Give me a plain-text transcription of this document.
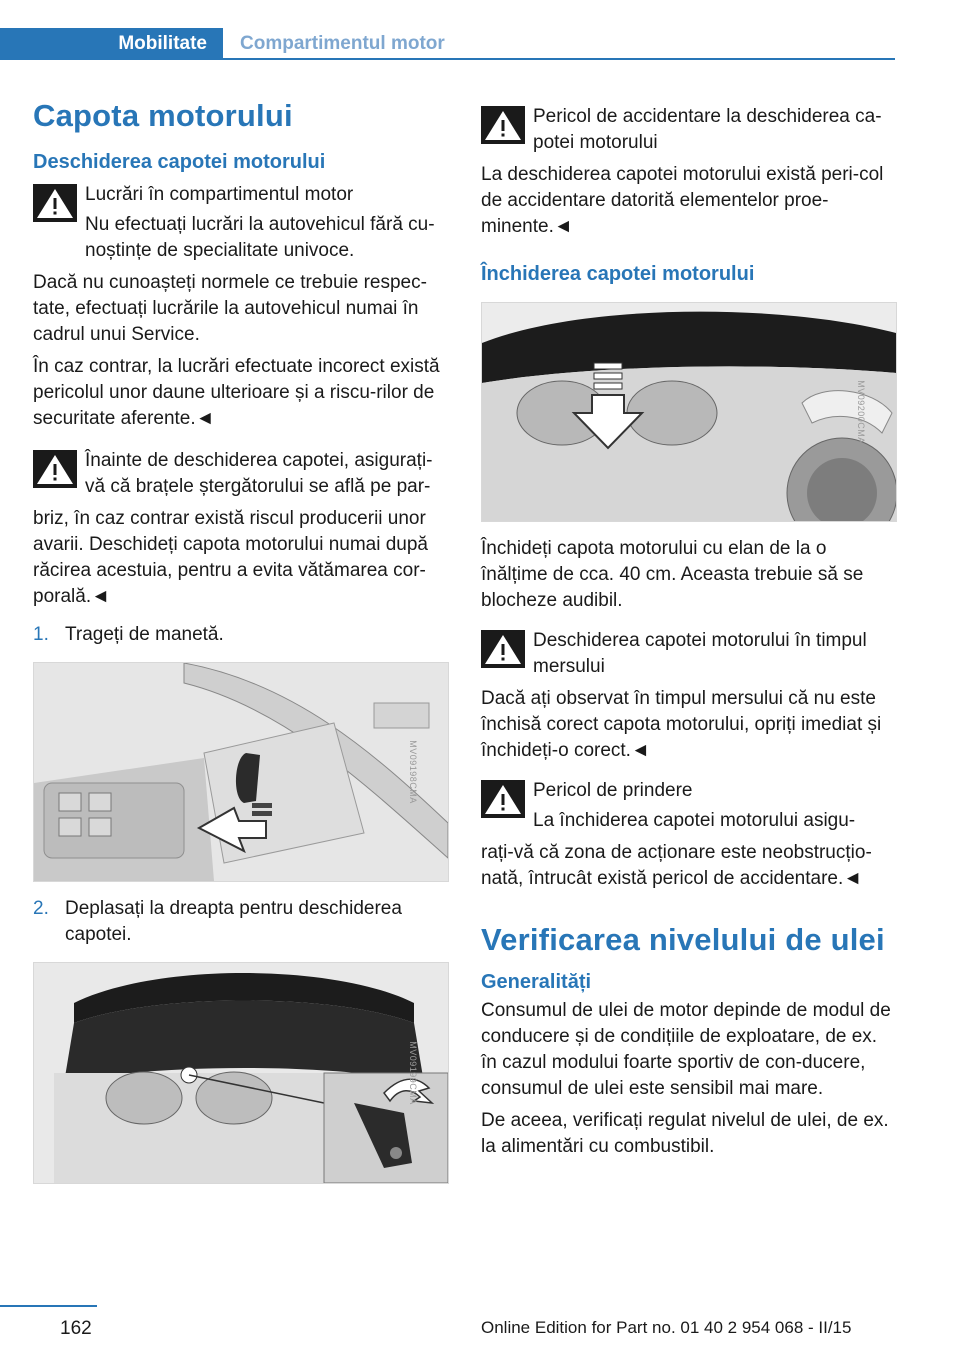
Mobilitate	Compartimentul motor
Capota motorului
Deschiderea capotei motorului

Lucrări în compartimentul motor

Nu efectuați lucrări la autovehicul fără cu-noștințe de specialitate univoce.

Dacă nu cunoașteți normele ce trebuie respec-tate, efectuați lucrările la autovehicul numai în cadrul unui Service.

În caz contrar, la lucrări efectuate incorect există pericolul unor daune ulterioare și a riscu-rilor de securitate aferente.◄

Înainte de deschiderea capotei, asigurați-vă că brațele ștergătorului se află pe par-

briz, în caz contrar există riscul producerii unor avarii. Deschideți capota motorului numai după răcirea acestuia, pentru a evita vătămarea cor-porală.◄

1. Trageți de manetă.
MV09198CMA
2. Deplasați la dreapta pentru deschiderea capotei.
MV09199CMA

Pericol de accidentare la deschiderea ca-potei motorului

La deschiderea capotei motorului există peri-col de accidentare datorită elementelor proe-minente.◄

Închiderea capotei motorului
MV09200CMA

Închideți capota motorului cu elan de la o înălțime de cca. 40 cm. Aceasta trebuie să se blocheze audibil.

Deschiderea capotei motorului în timpul mersului

Dacă ați observat în timpul mersului că nu este închisă corect capota motorului, opriți imediat și închideți-o corect.◄

Pericol de prindere

La închiderea capotei motorului asigu-

rați-vă că zona de acționare este neobstrucțio-nată, întrucât există pericol de accidentare.◄

Verificarea nivelului de ulei
Generalități

Consumul de ulei de motor depinde de modul de conducere și de condițiile de exploatare, de ex. în cazul modului foarte sportiv de con-ducere, consumul de ulei este sensibil mai mare.

De aceea, verificați regulat nivelul de ulei, de ex. la alimentări cu combustibil.

162	Online Edition for Part no. 01 40 2 954 068 - II/15
